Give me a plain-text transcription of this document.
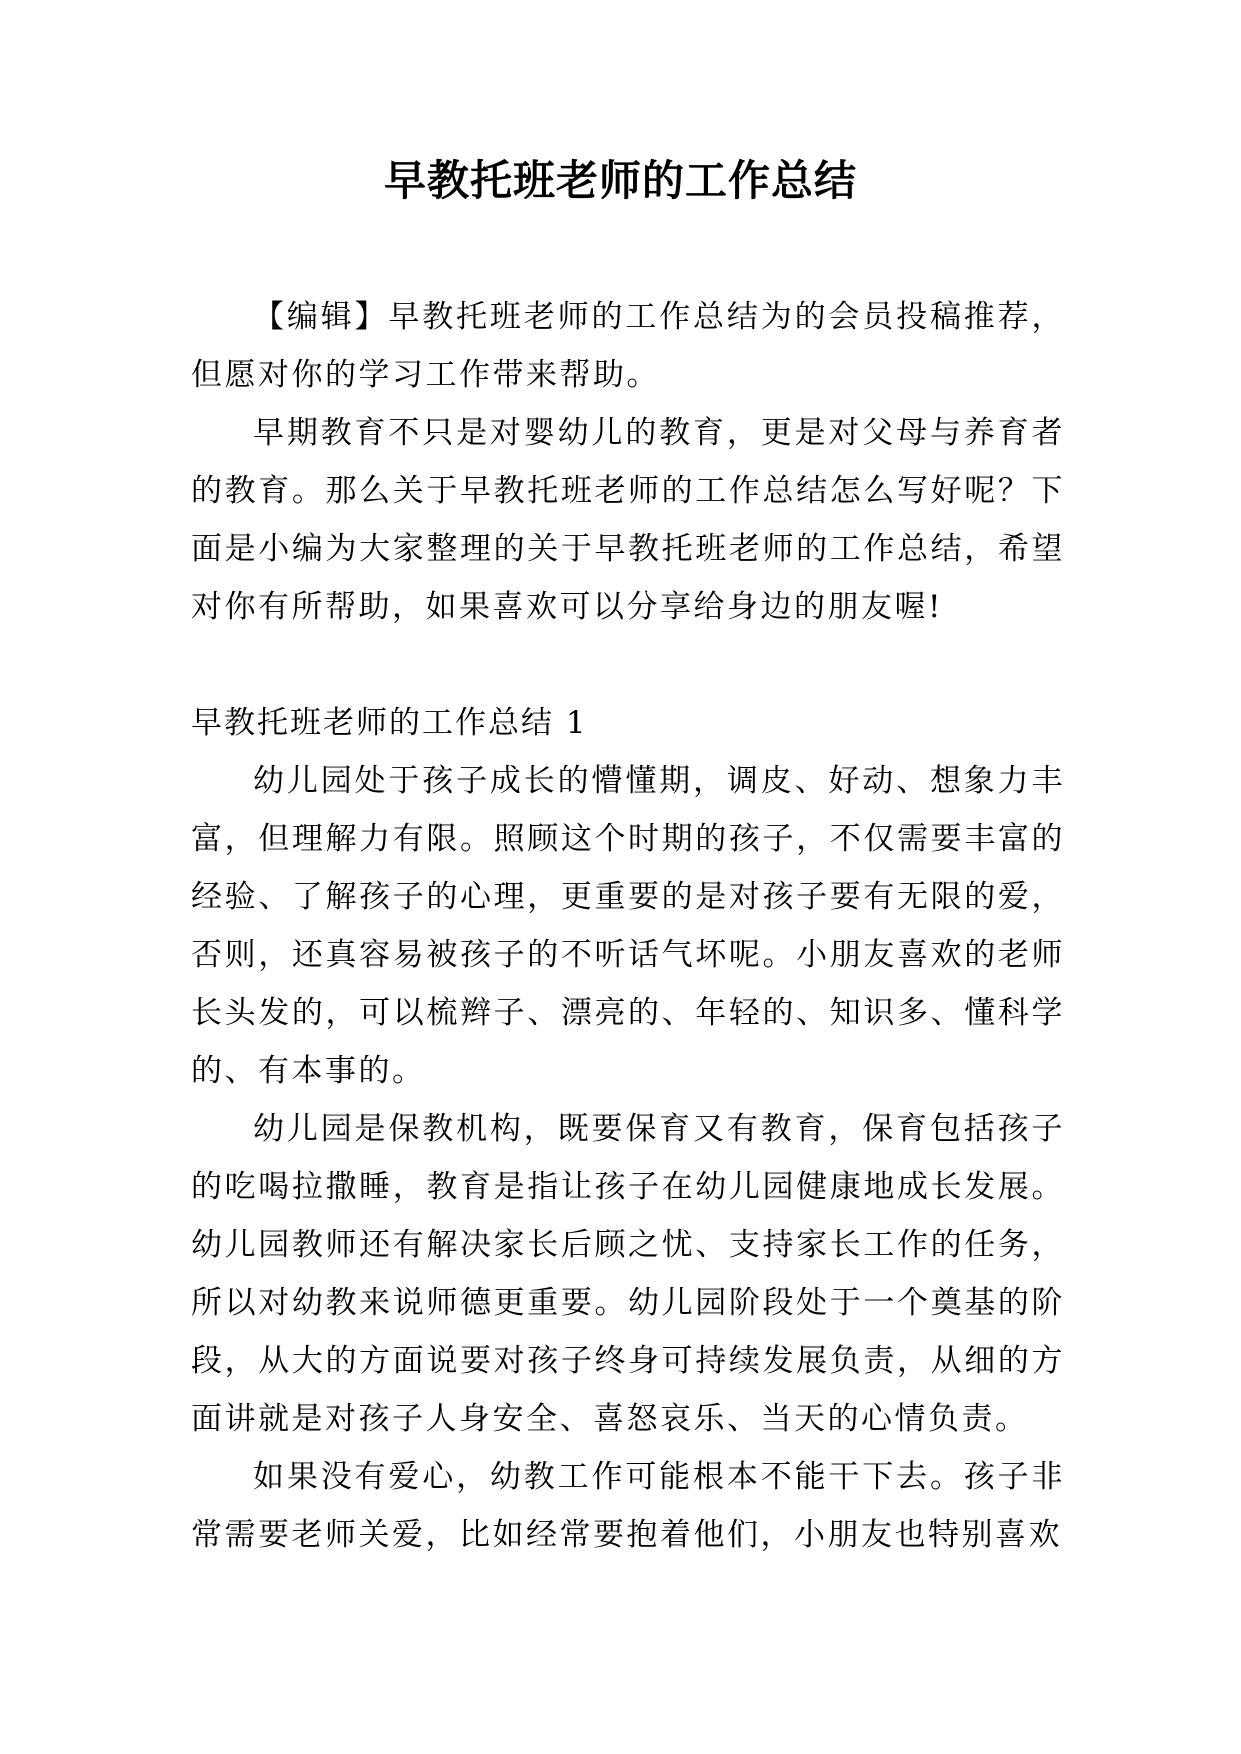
早教托班老师的工作总结

【编辑】早教托班老师的工作总结为的会员投稿推荐，但愿对你的学习工作带来帮助。

早期教育不只是对婴幼儿的教育，更是对父母与养育者的教育。那么关于早教托班老师的工作总结怎么写好呢？下面是小编为大家整理的关于早教托班老师的工作总结，希望对你有所帮助，如果喜欢可以分享给身边的朋友喔!

早教托班老师的工作总结 1

幼儿园处于孩子成长的懵懂期，调皮、好动、想象力丰富，但理解力有限。照顾这个时期的孩子，不仅需要丰富的经验、了解孩子的心理，更重要的是对孩子要有无限的爱，否则，还真容易被孩子的不听话气坏呢。小朋友喜欢的老师长头发的，可以梳辫子、漂亮的、年轻的、知识多、懂科学的、有本事的。

幼儿园是保教机构，既要保育又有教育，保育包括孩子的吃喝拉撒睡，教育是指让孩子在幼儿园健康地成长发展。幼儿园教师还有解决家长后顾之忧、支持家长工作的任务，所以对幼教来说师德更重要。幼儿园阶段处于一个奠基的阶段，从大的方面说要对孩子终身可持续发展负责，从细的方面讲就是对孩子人身安全、喜怒哀乐、当天的心情负责。

如果没有爱心，幼教工作可能根本不能干下去。孩子非常需要老师关爱，比如经常要抱着他们，小朋友也特别喜欢
